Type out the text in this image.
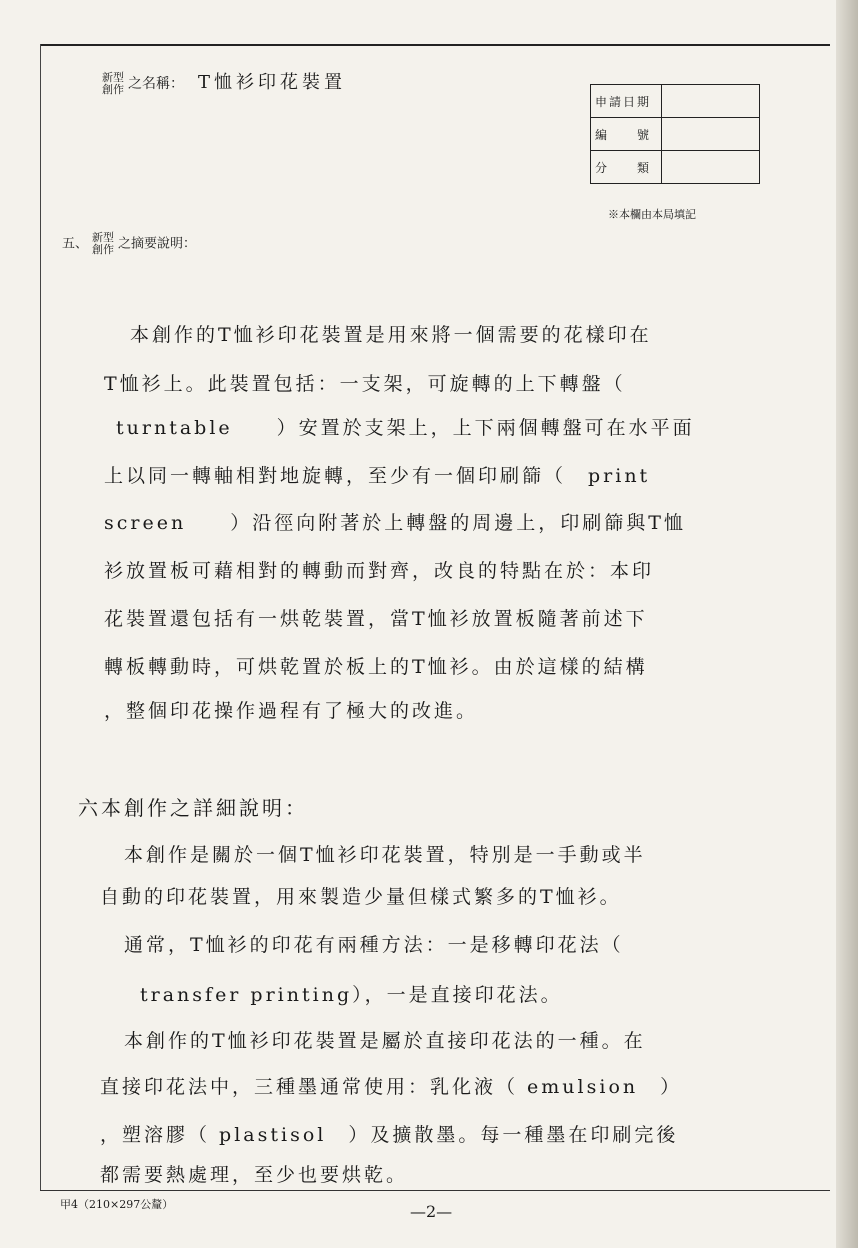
新型
創作 之名稱： T恤衫印花裝置
申請日期	
編　　號	
分　　類	
※本欄由本局填記
五、 新型
創作 之摘要說明：
本創作的T恤衫印花裝置是用來將一個需要的花樣印在
T恤衫上。此裝置包括：一支架，可旋轉的上下轉盤（
turntable　　）安置於支架上，上下兩個轉盤可在水平面
上以同一轉軸相對地旋轉，至少有一個印刷篩（　print
screen　　）沿徑向附著於上轉盤的周邊上，印刷篩與T恤
衫放置板可藉相對的轉動而對齊，改良的特點在於：本印
花裝置還包括有一烘乾裝置，當T恤衫放置板隨著前述下
轉板轉動時，可烘乾置於板上的T恤衫。由於這樣的結構
，整個印花操作過程有了極大的改進。
六本創作之詳細說明：
本創作是關於一個T恤衫印花裝置，特別是一手動或半
自動的印花裝置，用來製造少量但樣式繁多的T恤衫。
通常，T恤衫的印花有兩種方法：一是移轉印花法（
transfer printing），一是直接印花法。
本創作的T恤衫印花裝置是屬於直接印花法的一種。在
直接印花法中，三種墨通常使用：乳化液（ emulsion　）
，塑溶膠（ plastisol　）及擴散墨。每一種墨在印刷完後
都需要熱處理，至少也要烘乾。
甲4（210×297公釐）	—2—
